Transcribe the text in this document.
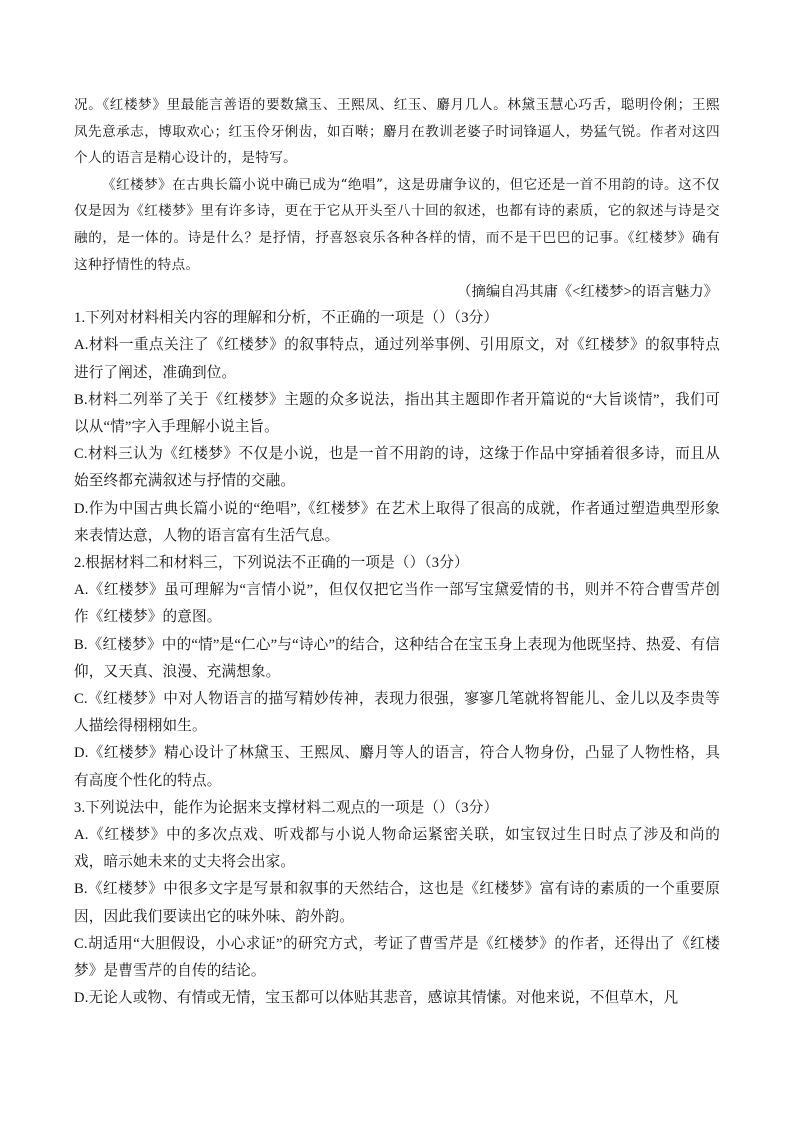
况。《红楼梦》里最能言善语的要数黛玉、王熙凤、红玉、麝月几人。林黛玉慧心巧舌，聪明伶俐；王熙凤先意承志，博取欢心；红玉伶牙俐齿，如百啭；麝月在教训老婆子时词锋逼人，势猛气锐。作者对这四个人的语言是精心设计的，是特写。

《红楼梦》在古典长篇小说中确已成为“绝唱”，这是毋庸争议的，但它还是一首不用韵的诗。这不仅仅是因为《红楼梦》里有许多诗，更在于它从开头至八十回的叙述，也都有诗的素质，它的叙述与诗是交融的，是一体的。诗是什么？是抒情，抒喜怒哀乐各种各样的情，而不是干巴巴的记事。《红楼梦》确有这种抒情性的特点。

（摘编自冯其庸《<红楼梦>的语言魅力》

1.下列对材料相关内容的理解和分析，不正确的一项是（）（3分）

A.材料一重点关注了《红楼梦》的叙事特点，通过列举事例、引用原文，对《红楼梦》的叙事特点进行了阐述，准确到位。

B.材料二列举了关于《红楼梦》主题的众多说法，指出其主题即作者开篇说的“大旨谈情”，我们可以从“情”字入手理解小说主旨。

C.材料三认为《红楼梦》不仅是小说，也是一首不用韵的诗，这缘于作品中穿插着很多诗，而且从始至终都充满叙述与抒情的交融。

D.作为中国古典长篇小说的“绝唱”,《红楼梦》在艺术上取得了很高的成就，作者通过塑造典型形象来表情达意，人物的语言富有生活气息。

2.根据材料二和材料三，下列说法不正确的一项是（）（3分）

A.《红楼梦》虽可理解为“言情小说”，但仅仅把它当作一部写宝黛爱情的书，则并不符合曹雪芹创作《红楼梦》的意图。

B.《红楼梦》中的“情”是“仁心”与“诗心”的结合，这种结合在宝玉身上表现为他既坚持、热爱、有信仰，又天真、浪漫、充满想象。

C.《红楼梦》中对人物语言的描写精妙传神，表现力很强，寥寥几笔就将智能儿、金儿以及李贵等人描绘得栩栩如生。

D.《红楼梦》精心设计了林黛玉、王熙凤、麝月等人的语言，符合人物身份，凸显了人物性格，具有高度个性化的特点。

3.下列说法中，能作为论据来支撑材料二观点的一项是（）（3分）

A.《红楼梦》中的多次点戏、听戏都与小说人物命运紧密关联，如宝钗过生日时点了涉及和尚的戏，暗示她未来的丈夫将会出家。

B.《红楼梦》中很多文字是写景和叙事的天然结合，这也是《红楼梦》富有诗的素质的一个重要原因，因此我们要读出它的味外味、韵外韵。

C.胡适用“大胆假设，小心求证”的研究方式，考证了曹雪芹是《红楼梦》的作者，还得出了《红楼梦》是曹雪芹的自传的结论。

D.无论人或物、有情或无情，宝玉都可以体贴其悲音，感谅其情愫。对他来说，不但草木，凡
